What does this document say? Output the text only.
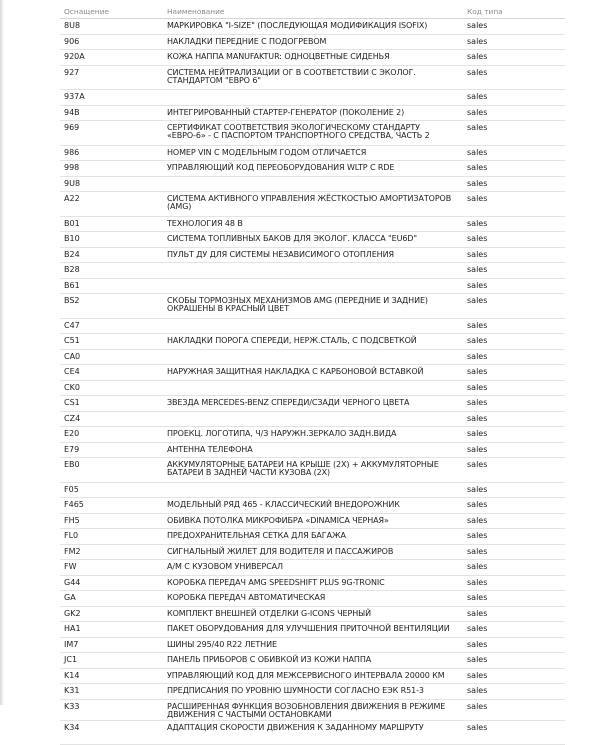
Оснащение	Наименование	Код типа
8U8	МАРКИРОВКА "I-SIZE" (ПОСЛЕДУЮЩАЯ МОДИФИКАЦИЯ ISOFIX)	sales
906	НАКЛАДКИ ПЕРЕДНИЕ С ПОДОГРЕВОМ	sales
920A	КОЖА НАППА MANUFAKTUR: ОДНОЦВЕТНЫЕ СИДЕНЬЯ	sales
927	СИСТЕМА НЕЙТРАЛИЗАЦИИ ОГ В СООТВЕТСТВИИ С ЭКОЛОГ. СТАНДАРТОМ "ЕВРО 6"	sales
937A		sales
94B	ИНТЕГРИРОВАННЫЙ СТАРТЕР-ГЕНЕРАТОР (ПОКОЛЕНИЕ 2)	sales
969	СЕРТИФИКАТ СООТВЕТСТВИЯ ЭКОЛОГИЧЕСКОМУ СТАНДАРТУ «ЕВРО-6» - С ПАСПОРТОМ ТРАНСПОРТНОГО СРЕДСТВА, ЧАСТЬ 2	sales
986	НОМЕР VIN С МОДЕЛЬНЫМ ГОДОМ ОТЛИЧАЕТСЯ	sales
998	УПРАВЛЯЮЩИЙ КОД ПЕРЕОБОРУДОВАНИЯ WLTP С RDE	sales
9U8		sales
A22	СИСТЕМА АКТИВНОГО УПРАВЛЕНИЯ ЖЁСТКОСТЬЮ АМОРТИЗАТОРОВ (AMG)	sales
B01	ТЕХНОЛОГИЯ 48 В	sales
B10	СИСТЕМА ТОПЛИВНЫХ БАКОВ ДЛЯ ЭКОЛОГ. КЛАССА "EU6D"	sales
B24	ПУЛЬТ ДУ ДЛЯ СИСТЕМЫ НЕЗАВИСИМОГО ОТОПЛЕНИЯ	sales
B28		sales
B61		sales
BS2	СКОБЫ ТОРМОЗНЫХ МЕХАНИЗМОВ AMG (ПЕРЕДНИЕ И ЗАДНИЕ) ОКРАШЕНЫ В КРАСНЫЙ ЦВЕТ	sales
C47		sales
C51	НАКЛАДКИ ПОРОГА СПЕРЕДИ, НЕРЖ.СТАЛЬ, С ПОДСВЕТКОЙ	sales
CA0		sales
CE4	НАРУЖНАЯ ЗАЩИТНАЯ НАКЛАДКА С КАРБОНОВОЙ ВСТАВКОЙ	sales
CK0		sales
CS1	ЗВЕЗДА MERCEDES-BENZ СПЕРЕДИ/СЗАДИ ЧЕРНОГО ЦВЕТА	sales
CZ4		sales
E20	ПРОЕКЦ. ЛОГОТИПА, Ч/З НАРУЖН.ЗЕРКАЛО ЗАДН.ВИДА	sales
E79	АНТЕННА ТЕЛЕФОНА	sales
EB0	АККУМУЛЯТОРНЫЕ БАТАРЕИ НА КРЫШЕ (2X) + АККУМУЛЯТОРНЫЕ БАТАРЕИ В ЗАДНЕЙ ЧАСТИ КУЗОВА (2X)	sales
F05		sales
F465	МОДЕЛЬНЫЙ РЯД 465 - КЛАССИЧЕСКИЙ ВНЕДОРОЖНИК	sales
FH5	ОБИВКА ПОТОЛКА МИКРОФИБРА «DINAMICA ЧЕРНАЯ»	sales
FL0	ПРЕДОХРАНИТЕЛЬНАЯ СЕТКА ДЛЯ БАГАЖА	sales
FM2	СИГНАЛЬНЫЙ ЖИЛЕТ ДЛЯ ВОДИТЕЛЯ И ПАССАЖИРОВ	sales
FW	А/М С КУЗОВОМ УНИВЕРСАЛ	sales
G44	КОРОБКА ПЕРЕДАЧ AMG SPEEDSHIFT PLUS 9G-TRONIC	sales
GA	КОРОБКА ПЕРЕДАЧ АВТОМАТИЧЕСКАЯ	sales
GK2	КОМПЛЕКТ ВНЕШНЕЙ ОТДЕЛКИ G-ICONS ЧЕРНЫЙ	sales
HA1	ПАКЕТ ОБОРУДОВАНИЯ ДЛЯ УЛУЧШЕНИЯ ПРИТОЧНОЙ ВЕНТИЛЯЦИИ	sales
IM7	ШИНЫ 295/40 R22 ЛЕТНИЕ	sales
JC1	ПАНЕЛЬ ПРИБОРОВ С ОБИВКОЙ ИЗ КОЖИ НАППА	sales
K14	УПРАВЛЯЮЩИЙ КОД ДЛЯ МЕЖСЕРВИСНОГО ИНТЕРВАЛА 20000 КМ	sales
K31	ПРЕДПИСАНИЯ ПО УРОВНЮ ШУМНОСТИ СОГЛАСНО ЕЭК R51-3	sales
K33	РАСШИРЕННАЯ ФУНКЦИЯ ВОЗОБНОВЛЕНИЯ ДВИЖЕНИЯ В РЕЖИМЕ ДВИЖЕНИЯ С ЧАСТЫМИ ОСТАНОВКАМИ	sales
K34	АДАПТАЦИЯ СКОРОСТИ ДВИЖЕНИЯ К ЗАДАННОМУ МАРШРУТУ	sales
